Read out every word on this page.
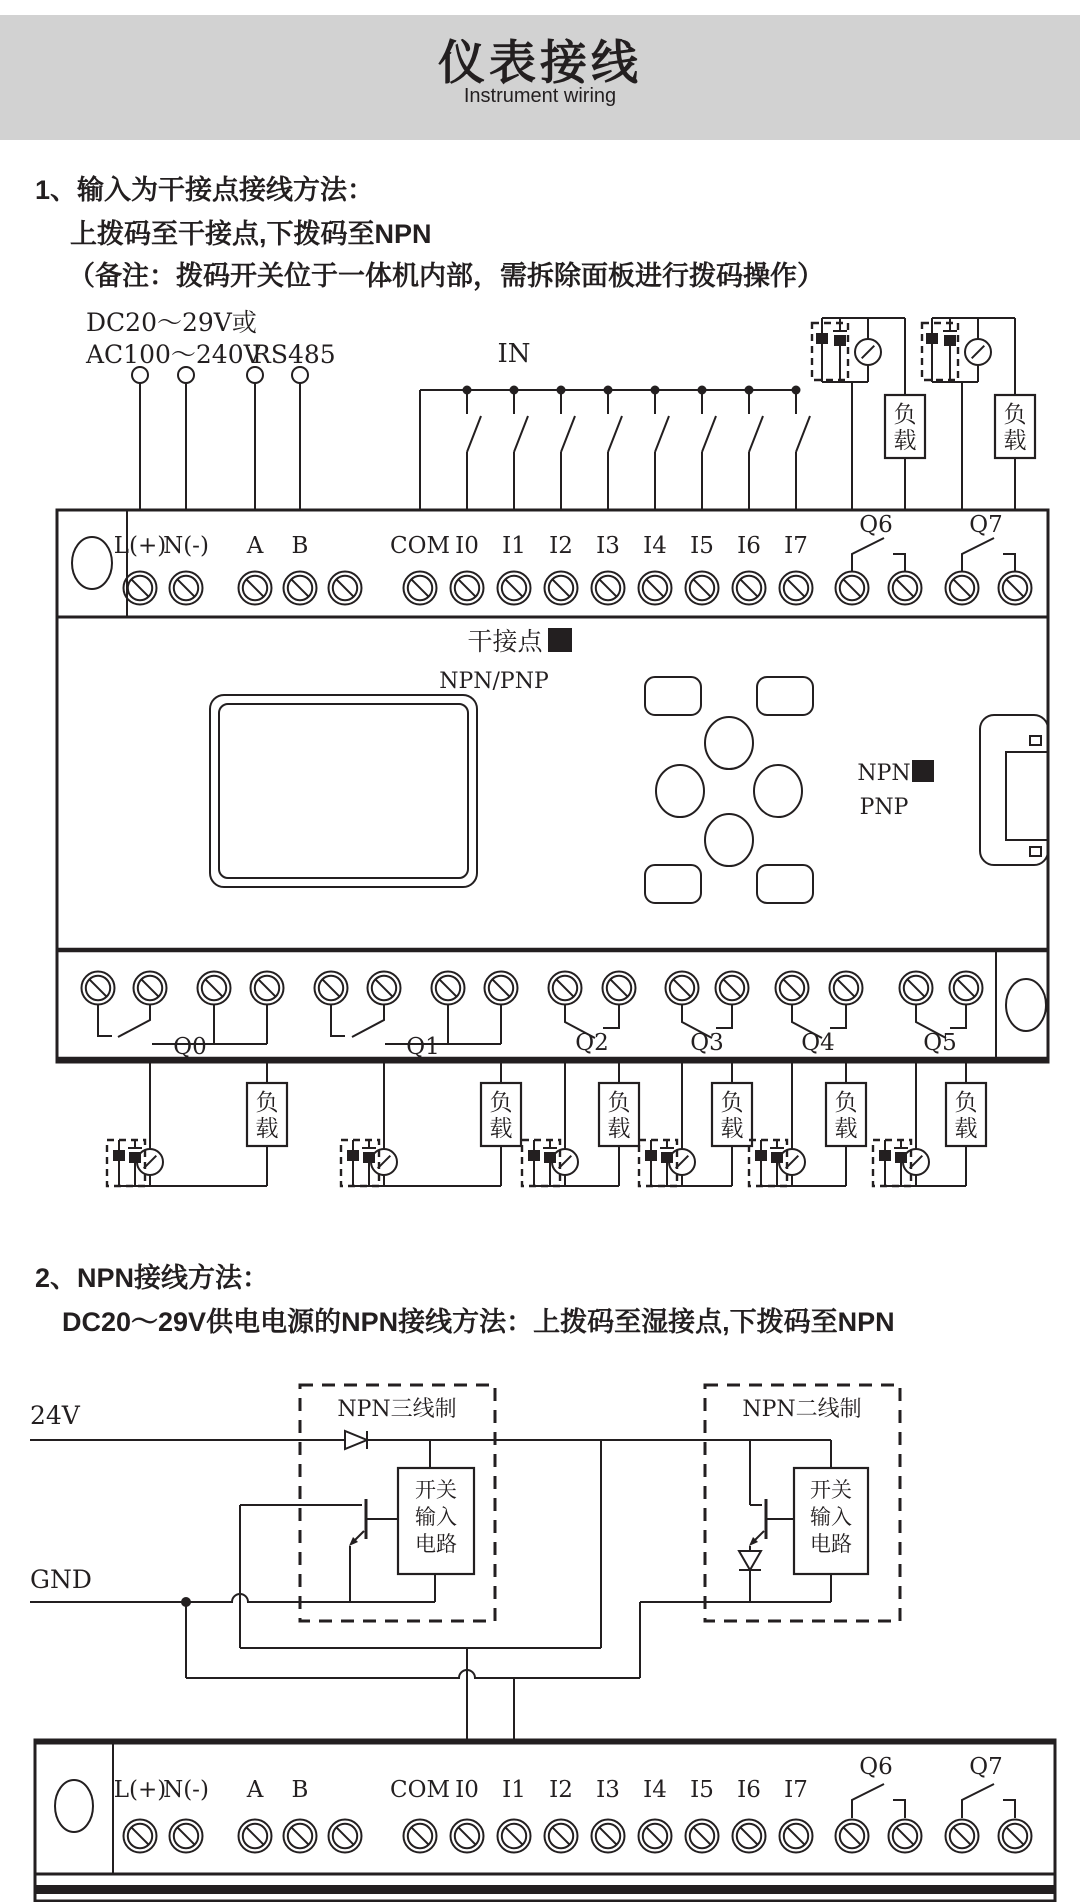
仪表接线
Instrument wiring
1、输入为干接点接线方法：
上拨码至干接点,下拨码至NPN
（备注：拨码开关位于一体机内部，需拆除面板进行拨码操作）
2、NPN接线方法：
DC20～29V供电电源的NPN接线方法：上拨码至湿接点,下拨码至NPN
DC20～29V或
AC100～240V
RS485	IN
负
载
负
载
L(+)
N(-) A B	COM I0 I1 I2 I3 I4 I5 I6 I7
Q6	Q7
干接点
NPN/PNP
NPN
PNP
Q0	Q1	Q2	Q3	Q4	Q5
负
载
负
载
负
载
负
载
负
载
负
载
24V
GND
NPN三线制
开关
输入
电路
NPN二线制
开关
输入
电路
L(+)
N(-) A B	COM I0 I1 I2 I3 I4 I5 I6 I7
Q6	Q7
